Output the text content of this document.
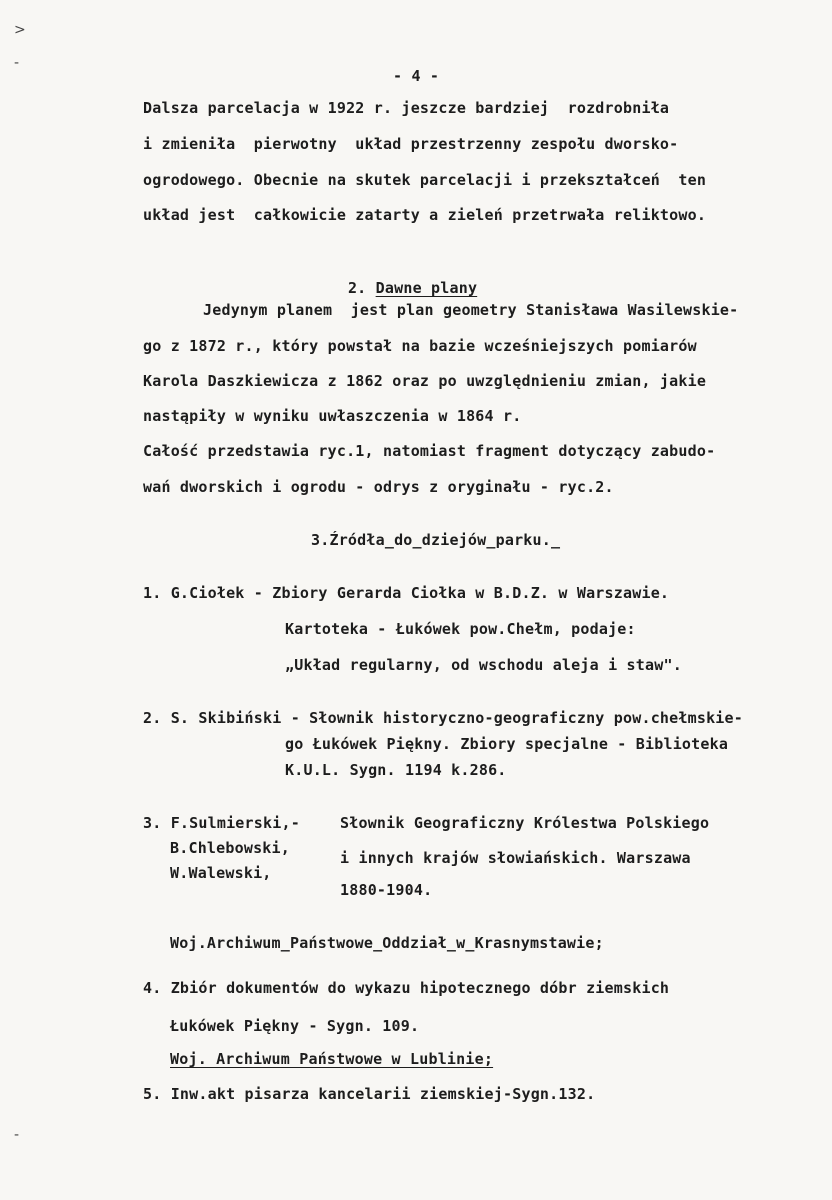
>
-
-
- 4 -
Dalsza parcelacja w 1922 r. jeszcze bardziej  rozdrobniła
i zmieniła  pierwotny  układ przestrzenny zespołu dworsko-
ogrodowego. Obecnie na skutek parcelacji i przekształceń  ten
układ jest  całkowicie zatarty a zieleń przetrwała reliktowo.

2. Dawne plany

Jedynym planem  jest plan geometry Stanisława Wasilewskie-
go z 1872 r., który powstał na bazie wcześniejszych pomiarów
Karola Daszkiewicza z 1862 oraz po uwzględnieniu zmian, jakie
nastąpiły w wyniku uwłaszczenia w 1864 r.
Całość przedstawia ryc.1, natomiast fragment dotyczący zabudo-
wań dworskich i ogrodu - odrys z oryginału - ryc.2.
3.Źródła_do_dziejów_parku._
1. G.Ciołek - Zbiory Gerarda Ciołka w B.D.Z. w Warszawie.
Kartoteka - Łukówek pow.Chełm, podaje:
„Układ regularny, od wschodu aleja i staw".
2. S. Skibiński - Słownik historyczno-geograficzny pow.chełmskie-
go Łukówek Piękny. Zbiory specjalne - Biblioteka
K.U.L. Sygn. 1194 k.286.
3. F.Sulmierski,-
B.Chlebowski,
W.Walewski,
Słownik Geograficzny Królestwa Polskiego
i innych krajów słowiańskich. Warszawa
1880-1904.
Woj.Archiwum_Państwowe_Oddział_w_Krasnymstawie;
4. Zbiór dokumentów do wykazu hipotecznego dóbr ziemskich
Łukówek Piękny - Sygn. 109.
Woj. Archiwum Państwowe w Lublinie;
5. Inw.akt pisarza kancelarii ziemskiej-Sygn.132.
